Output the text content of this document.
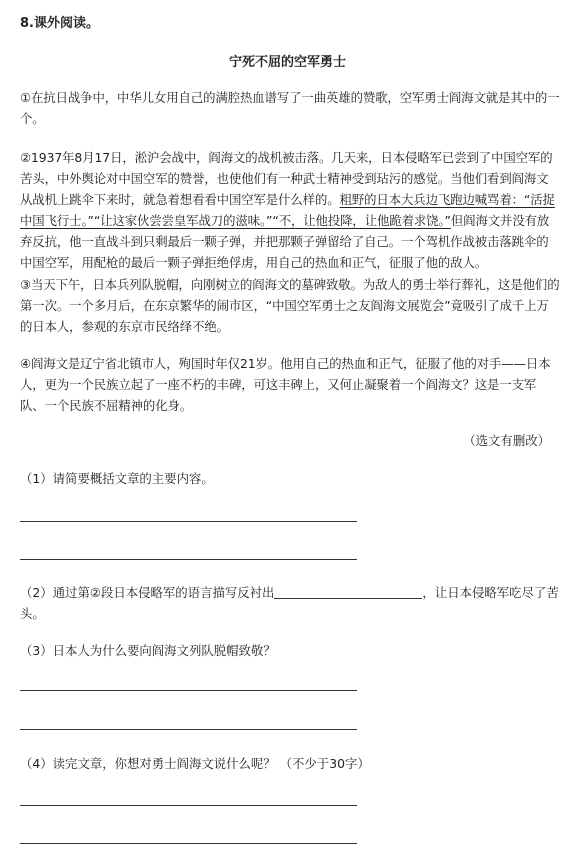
8.课外阅读。
宁死不屈的空军勇士

①在抗日战争中，中华儿女用自己的满腔热血谱写了一曲英雄的赞歌，空军勇士阎海文就是其中的一个。

②1937年8月17日，淞沪会战中，阎海文的战机被击落。几天来，日本侵略军已尝到了中国空军的苦头，中外舆论对中国空军的赞誉，也使他们有一种武士精神受到玷污的感觉。当他们看到阎海文从战机上跳伞下来时，就急着想看看中国空军是什么样的。粗野的日本大兵边飞跑边喊骂着：“活捉中国飞行士。”“让这家伙尝尝皇军战刀的滋味。”“不，让他投降，让他跪着求饶。”但阎海文并没有放弃反抗，他一直战斗到只剩最后一颗子弹，并把那颗子弹留给了自己。一个驾机作战被击落跳伞的中国空军，用配枪的最后一颗子弹拒绝俘虏，用自己的热血和正气，征服了他的敌人。

③当天下午，日本兵列队脱帽，向刚树立的阎海文的墓碑致敬。为敌人的勇士举行葬礼，这是他们的第一次。一个多月后，在东京繁华的闹市区，“中国空军勇士之友阎海文展览会”竟吸引了成千上万的日本人，参观的东京市民络绎不绝。

④阎海文是辽宁省北镇市人，殉国时年仅21岁。他用自己的热血和正气，征服了他的对手——日本人，更为一个民族立起了一座不朽的丰碑，可这丰碑上，又何止凝聚着一个阎海文？这是一支军队、一个民族不屈精神的化身。

（选文有删改）
（1）请简要概括文章的主要内容。
（2）通过第②段日本侵略军的语言描写反衬出	，让日本侵略军吃尽了苦头。
（3）日本人为什么要向阎海文列队脱帽致敬？
（4）读完文章，你想对勇士阎海文说什么呢？ （不少于30字）
